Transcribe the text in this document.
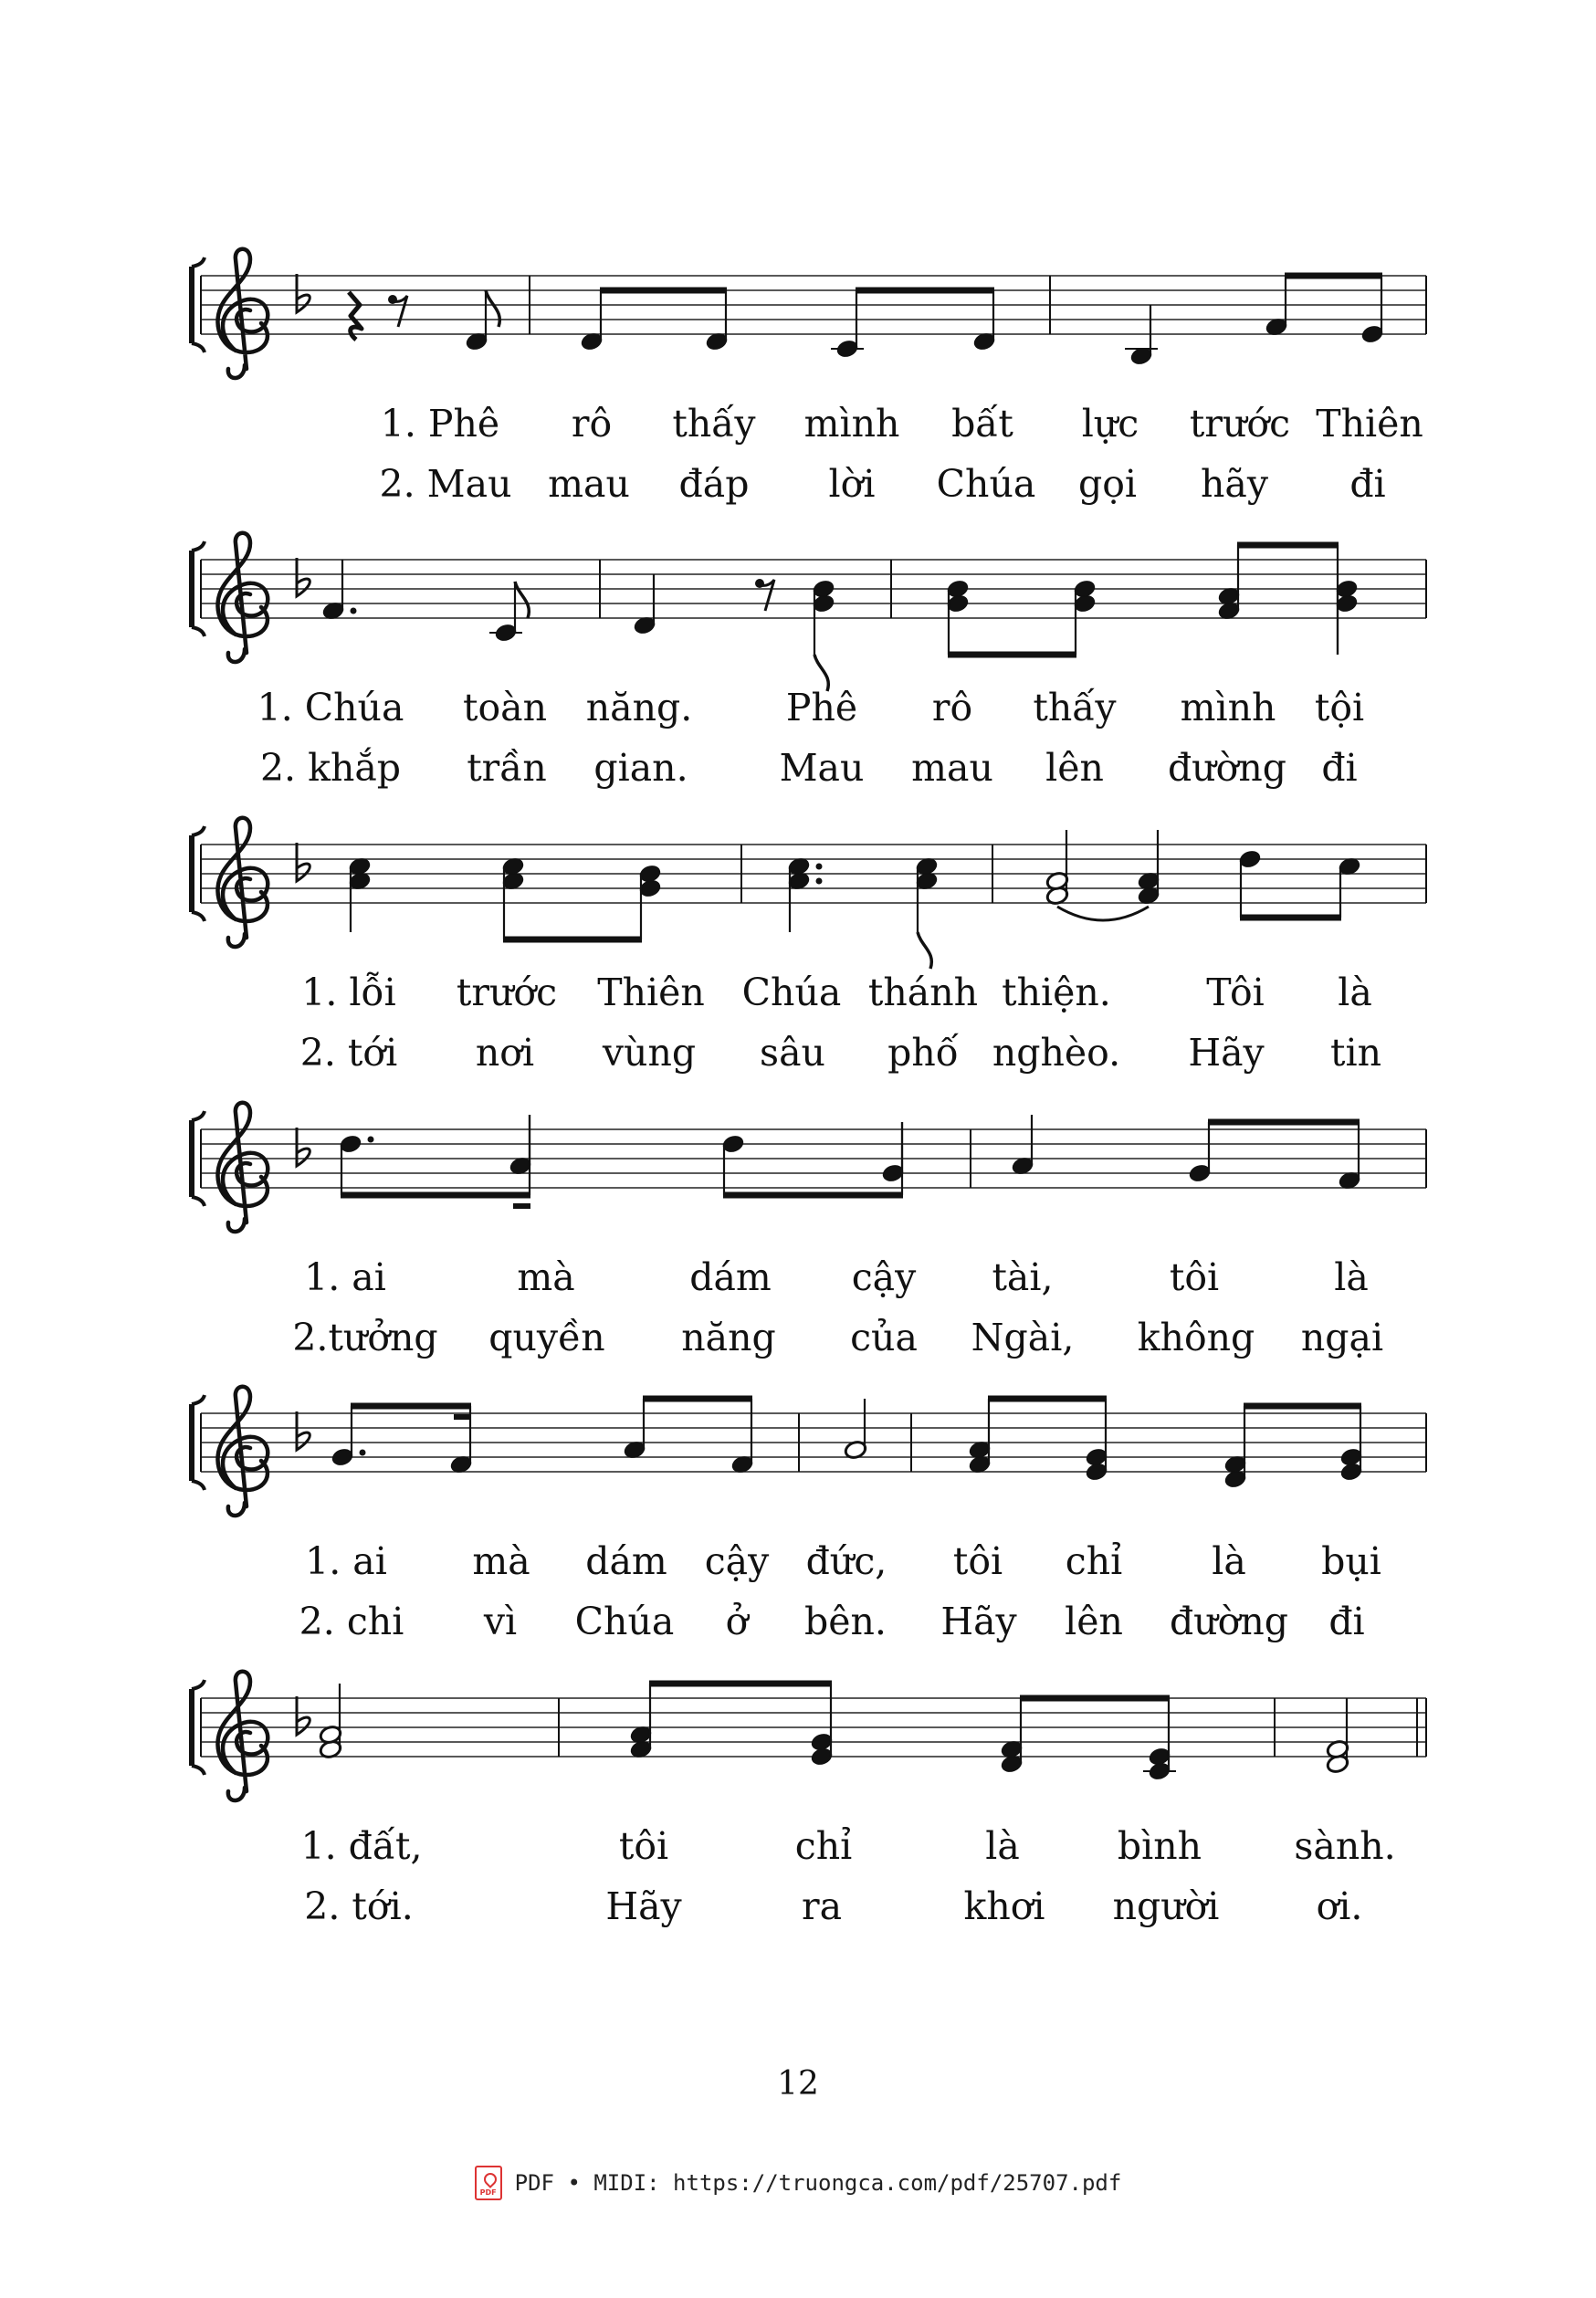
1. Phê rô thấy mình bất lực trước Thiên
2. Mau mau đáp lời Chúa gọi hãy đi
1. Chúa toàn năng.	Phê rô thấy mình tội
2. khắp trần gian. Mau mau lên đường đi
1. lỗi trước Thiên Chúa thánh thiện.	Tôi là
2. tới nơi vùng sâu phố nghèo. Hãy tin
1. ai	mà	dám cậy tài,	tôi	là
2.tưởng quyền năng của Ngài, không ngại
1. ai mà dám cậy đức, tôi chỉ là bụi
2. chi vì Chúa ở bên. Hãy lên đường đi
1. đất,	tôi	chỉ	là	bình sành.
2. tới.	Hãy	ra	khơi người	ơi.
12
PDF
PDF • MIDI: https://truongca.com/pdf/25707.pdf
